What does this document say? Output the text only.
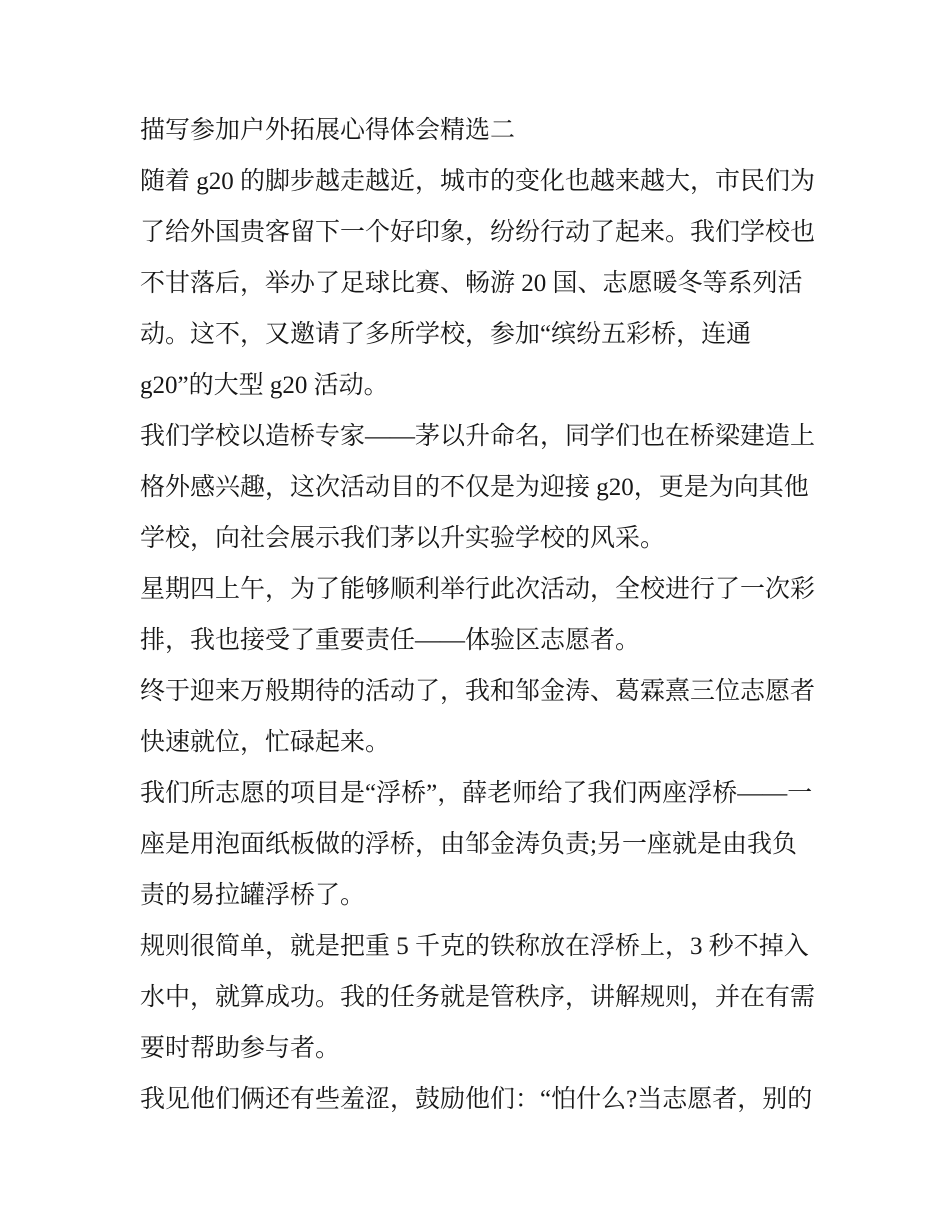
描写参加户外拓展心得体会精选二
随着 g20 的脚步越走越近，城市的变化也越来越大，市民们为
了给外国贵客留下一个好印象，纷纷行动了起来。我们学校也
不甘落后，举办了足球比赛、畅游 20 国、志愿暖冬等系列活
动。这不，又邀请了多所学校，参加“缤纷五彩桥，连通
g20”的大型 g20 活动。
我们学校以造桥专家——茅以升命名，同学们也在桥梁建造上
格外感兴趣，这次活动目的不仅是为迎接 g20，更是为向其他
学校，向社会展示我们茅以升实验学校的风采。
星期四上午，为了能够顺利举行此次活动，全校进行了一次彩
排，我也接受了重要责任——体验区志愿者。
终于迎来万般期待的活动了，我和邹金涛、葛霖熹三位志愿者
快速就位，忙碌起来。
我们所志愿的项目是“浮桥”，薛老师给了我们两座浮桥——一
座是用泡面纸板做的浮桥，由邹金涛负责;另一座就是由我负
责的易拉罐浮桥了。
规则很简单，就是把重 5 千克的铁称放在浮桥上，3 秒不掉入
水中，就算成功。我的任务就是管秩序，讲解规则，并在有需
要时帮助参与者。
我见他们俩还有些羞涩，鼓励他们：“怕什么?当志愿者，别的
